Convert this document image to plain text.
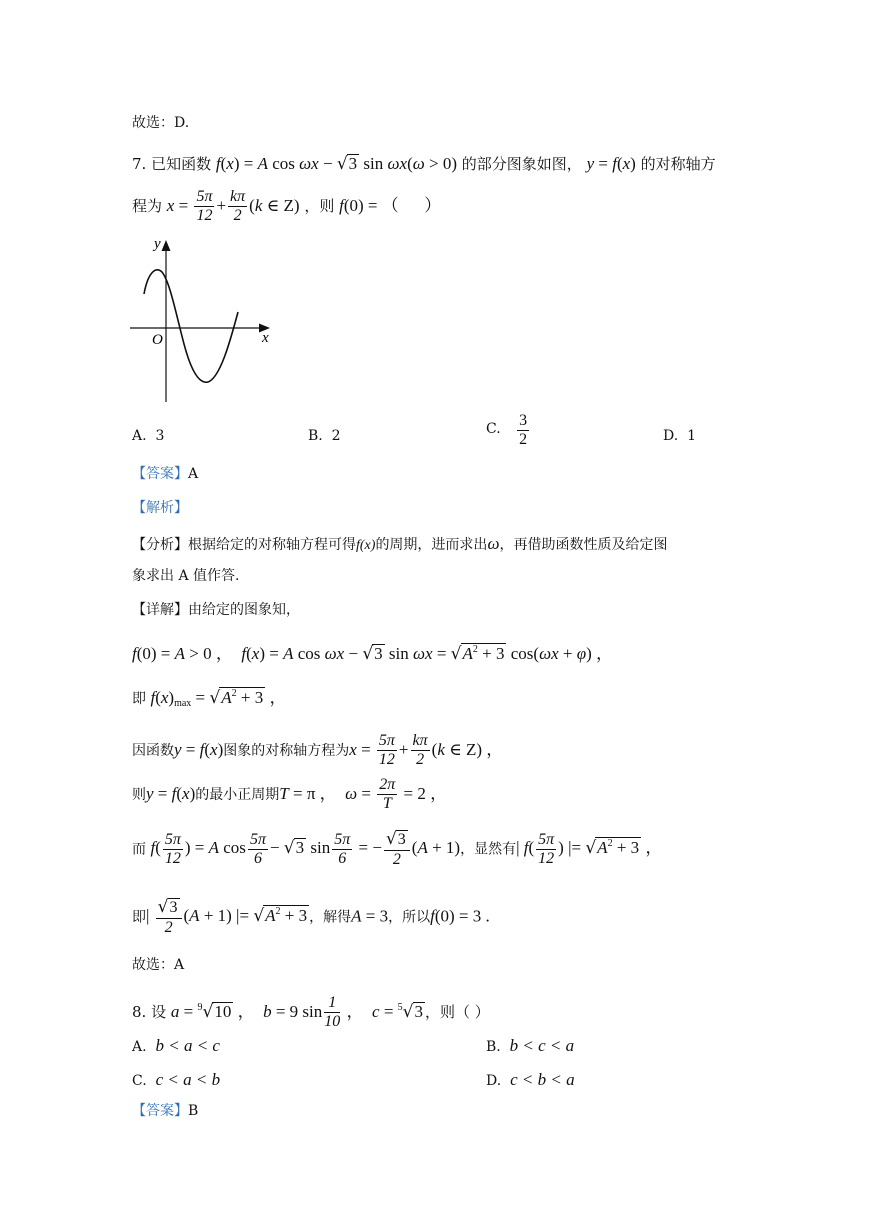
故选：D.
7. 已知函数 f(x) = A cos ωx − √3 sin ωx(ω > 0) 的部分图象如图， y = f(x) 的对称轴方
程为 $x = \frac{5\pi}{12} + \frac{k\pi}{2} (k$ ∈ Z) ，则 f(0) = （      ）
y
x
O
A. 3	B. 2	C. $\frac{3}{2}$	D. 1
【答案】A
【解析】
【分析】根据给定的对称轴方程可得f(x)的周期，进而求出ω，再借助函数性质及给定图
象求出 A 值作答.
【详解】由给定的图象知，
f(0) = A > 0 ，  f(x) = A cos ωx − √3 $\sin \omega x = √A^2 + 3$ cos(ωx + φ) ，
即 $f(x)_{max} = √A^2 + 3$ ，
因函数y = f(x)图象的对称轴方程为$x = \frac{5\pi}{12} + \frac{k\pi}{2} (k$ ∈ Z) ，
则y = f(x)的最小正周期T = π ，  $\omega = \frac{2\pi}{T} = 2$ ，
而 $f( \frac{5\pi}{12}$ ) = A $\cos \frac{5\pi}{6} - √3$ $\sin \frac{5\pi}{6}$ = − $\frac{√3}{2} (A + 1)$，显然有| $f( \frac{5\pi}{12}$ ) |= $√A^2 + 3$ ，
即| $\frac{√3}{2} (A + 1)$ |= $√A^2 + 3$ ，解得A = 3，所以f(0) = 3 .
故选：A
8. 设 a = $^9$√10 ，  b = 9 $\sin \frac{1}{10}$ ，  c = $^5$√3 ，则（ ）
A. b < a < c	B. b < c < a
C. c < a < b	D. c < b < a
【答案】B
f(x) = A cos ωx − √3 sin ωx(ω > 0) y = f(x) x = 5π/12 + kπ/2 (k ∈ Z) f(0) = （ ） f(0) = A > 0 ， f(x) = A cos ωx − √3 sin ωx = √(A² + 3) cos(ωx + φ) ， f(x)max = √(A² + 3) ， a = ⁹√10 b = 9 sin(1/10) c = ⁵√3 3/2
